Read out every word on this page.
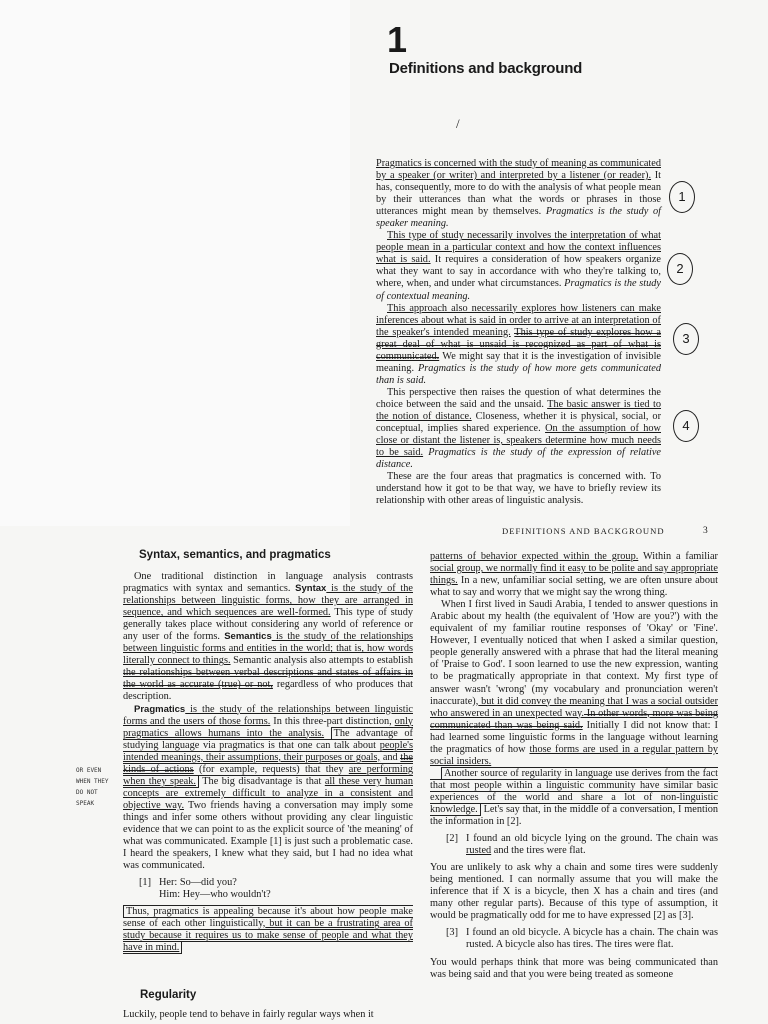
1
Definitions and background
/

Pragmatics is concerned with the study of meaning as communicated by a speaker (or writer) and interpreted by a listener (or reader). It has, consequently, more to do with the analysis of what people mean by their utterances than what the words or phrases in those utterances might mean by themselves. Pragmatics is the study of speaker meaning.

This type of study necessarily involves the interpretation of what people mean in a particular context and how the context influences what is said. It requires a consideration of how speakers organize what they want to say in accordance with who they're talking to, where, when, and under what circumstances. Pragmatics is the study of contextual meaning.

This approach also necessarily explores how listeners can make inferences about what is said in order to arrive at an interpretation of the speaker's intended meaning. This type of study explores how a great deal of what is unsaid is recognized as part of what is communicated. We might say that it is the investigation of invisible meaning. Pragmatics is the study of how more gets communicated than is said.

This perspective then raises the question of what determines the choice between the said and the unsaid. The basic answer is tied to the notion of distance. Closeness, whether it is physical, social, or conceptual, implies shared experience. On the assumption of how close or distant the listener is, speakers determine how much needs to be said. Pragmatics is the study of the expression of relative distance.

These are the four areas that pragmatics is concerned with. To understand how it got to be that way, we have to briefly review its relationship with other areas of linguistic analysis.

1
2
3
4
DEFINITIONS AND BACKGROUND	3
Syntax, semantics, and pragmatics
OR EVEN WHEN THEY DO NOT SPEAK

One traditional distinction in language analysis contrasts pragmatics with syntax and semantics. Syntax is the study of the relationships between linguistic forms, how they are arranged in sequence, and which sequences are well-formed. This type of study generally takes place without considering any world of reference or any user of the forms. Semantics is the study of the relationships between linguistic forms and entities in the world; that is, how words literally connect to things. Semantic analysis also attempts to establish the relationships between verbal descriptions and states of affairs in the world as accurate (true) or not, regardless of who produces that description.

Pragmatics is the study of the relationships between linguistic forms and the users of those forms. In this three-part distinction, only pragmatics allows humans into the analysis. The advantage of studying language via pragmatics is that one can talk about people's intended meanings, their assumptions, their purposes or goals, and the kinds of actions (for example, requests) that they are performing when they speak. The big disadvantage is that all these very human concepts are extremely difficult to analyze in a consistent and objective way. Two friends having a conversation may imply some things and infer some others without providing any clear linguistic evidence that we can point to as the explicit source of 'the meaning' of what was communicated. Example [1] is just such a problematic case. I heard the speakers, I knew what they said, but I had no idea what was communicated.

[1] Her: So—did you?
Him: Hey—who wouldn't?

Thus, pragmatics is appealing because it's about how people make sense of each other linguistically, but it can be a frustrating area of study because it requires us to make sense of people and what they have in mind.

Regularity

Luckily, people tend to behave in fairly regular ways when it

patterns of behavior expected within the group. Within a familiar social group, we normally find it easy to be polite and say appropriate things. In a new, unfamiliar social setting, we are often unsure about what to say and worry that we might say the wrong thing.

When I first lived in Saudi Arabia, I tended to answer questions in Arabic about my health (the equivalent of 'How are you?') with the equivalent of my familiar routine responses of 'Okay' or 'Fine'. However, I eventually noticed that when I asked a similar question, people generally answered with a phrase that had the literal meaning of 'Praise to God'. I soon learned to use the new expression, wanting to be pragmatically appropriate in that context. My first type of answer wasn't 'wrong' (my vocabulary and pronunciation weren't inaccurate), but it did convey the meaning that I was a social outsider who answered in an unexpected way. In other words, more was being communicated than was being said. Initially I did not know that: I had learned some linguistic forms in the language without learning the pragmatics of how those forms are used in a regular pattern by social insiders.

Another source of regularity in language use derives from the fact that most people within a linguistic community have similar basic experiences of the world and share a lot of non-linguistic knowledge. Let's say that, in the middle of a conversation, I mention the information in [2].

[2] I found an old bicycle lying on the ground. The chain was rusted and the tires were flat.

You are unlikely to ask why a chain and some tires were suddenly being mentioned. I can normally assume that you will make the inference that if X is a bicycle, then X has a chain and tires (and many other regular parts). Because of this type of assumption, it would be pragmatically odd for me to have expressed [2] as [3].

[3] I found an old bicycle. A bicycle has a chain. The chain was rusted. A bicycle also has tires. The tires were flat.

You would perhaps think that more was being communicated than was being said and that you were being treated as someone
